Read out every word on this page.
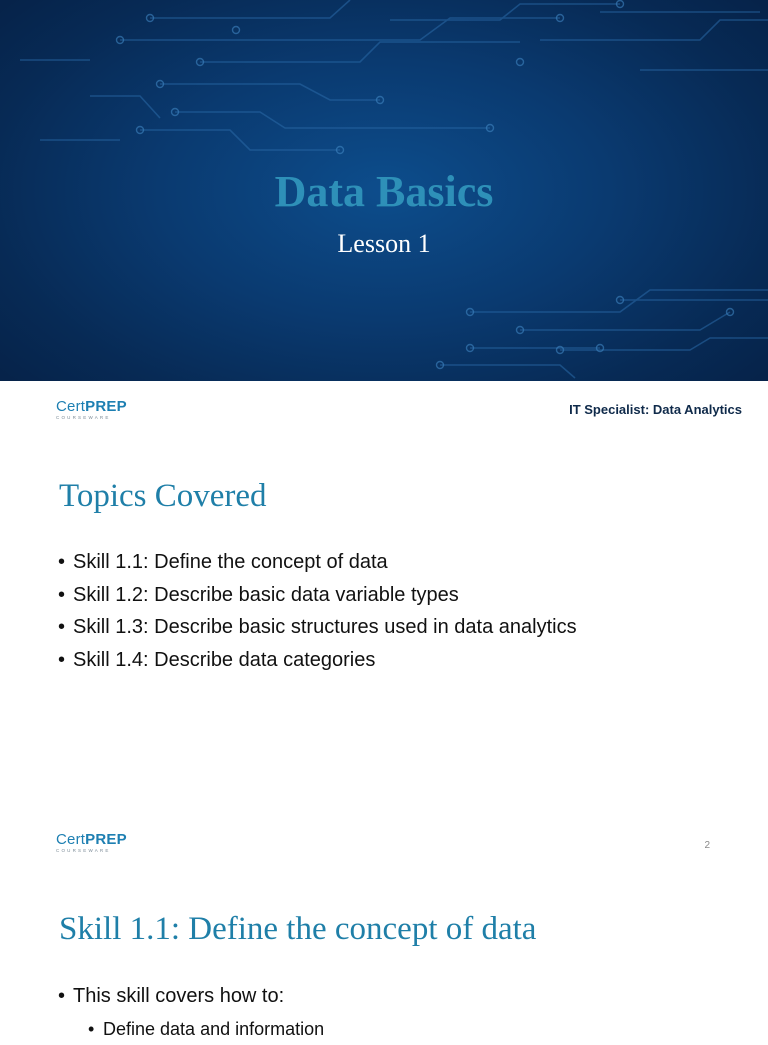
Data Basics
Lesson 1
CertPREP
COURSEWARE
IT Specialist: Data Analytics
Topics Covered
• Skill 1.1: Define the concept of data
• Skill 1.2: Describe basic data variable types
• Skill 1.3: Describe basic structures used in data analytics
• Skill 1.4: Describe data categories
CertPREP
COURSEWARE	2
Skill 1.1: Define the concept of data
• This skill covers how to:
• Define data and information
